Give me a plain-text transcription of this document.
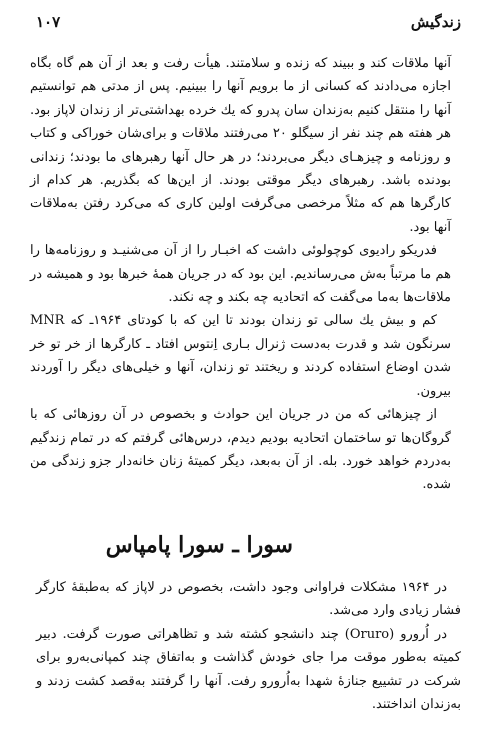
زندگیش
۱۰۷

آنها ملاقات کند و ببیند که زنده و سلامتند. هیأت رفت و بعد از آن هم گاه بگاه اجازه می‌دادند که کسانی از ما برویم آنها را ببینیم. پس از مدتی هم توانستیم آنها را منتقل کنیم به‌زندان سان پدرو که یك خرده بهداشتی‌تر از زندان لاپاز بود. هر هفته هم چند نفر از سیگلو ۲۰ می‌رفتند ملاقات و برای‌شان خوراکی و کتاب و روزنامه و چیزهـای دیگر می‌بردند؛ در هر حال آنها رهبرهای ما بودند؛ زندانی بودنده باشد. رهبرهای دیگر موقتی بودند. از این‌ها که بگذریم. هر کدام از کارگرها هم که مثلاً مرخصی می‌گرفت اولین کاری که می‌کرد رفتن به‌ملاقات آنها بود.

فدریکو رادیوی کوچولوئی داشت که اخبـار را از آن می‌شنیـد و روزنامه‌ها را هم ما مرتباً به‌ش می‌رساندیم. این بود که در جریان همهٔ خبرها بود و همیشه در ملاقات‌ها به‌ما می‌گفت که اتحادیه چه بکند و چه نکند.

کم و بیش یك سالی تو زندان بودند تا این که با کودتای ۱۹۶۴ـ که MNR سرنگون شد و قدرت به‌دست ژنرال بـاری اِنتوس افتاد ـ کارگرها از خر تو خر شدن اوضاع استفاده کردند و ریختند تو زندان، آنها و خیلی‌های دیگر را آوردند بیرون.

از چیزهائی که من در جریان این حوادث و بخصوص در آن روزهائی که با گروگان‌ها تو ساختمان اتحادیه بودیم دیدم، درس‌هائی گرفتم‌ که در تمام زندگیم به‌دردم خواهد خورد. بله. از آن به‌بعد، دیگر کمیتهٔ زنان خانه‌دار جزو زندگی من شده.

سورا ـ سورا پامپاس

در ۱۹۶۴ مشکلات فراوانی وجود داشت، بخصوص در لاپاز که به‌طبقهٔ کارگر فشار زیادی وارد می‌شد.

در اُرورو (Oruro) چند دانشجو کشته شد و تظاهراتی صورت گرفت. دبیر کمیته به‌طور موقت مرا جای خودش گذاشت و به‌اتفاق چند کمپانی‌بەرو برای شرکت در تشییع جنازهٔ شهدا به‌اُرورو رفت. آنها را گرفتند به‌قصد کشت زدند و به‌زندان انداختند.
